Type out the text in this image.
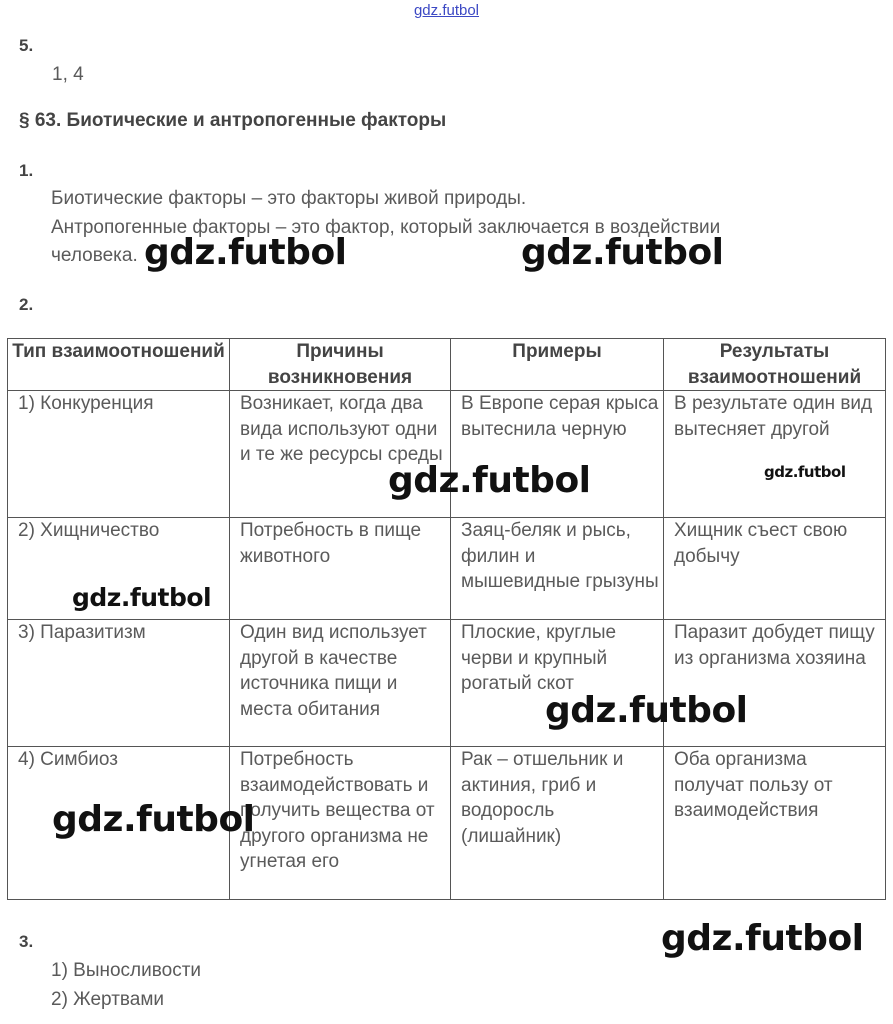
gdz.futbol
5.
1, 4
§ 63. Биотические и антропогенные факторы
1.
Биотические факторы – это факторы живой природы.
Антропогенные факторы – это фактор, который заключается в воздействии
человека.
2.
Тип взаимоотношений	Причины возникновения	Примеры	Результаты взаимоотношений
1) Конкуренция	Возникает, когда два вида используют одни и те же ресурсы среды	В Европе серая крыса вытеснила черную	В результате один вид вытесняет другой
2) Хищничество	Потребность в пище животного	Заяц-беляк и рысь, филин и мышевидные грызуны	Хищник съест свою добычу
3) Паразитизм	Один вид использует другой в качестве источника пищи и места обитания	Плоские, круглые черви и крупный рогатый скот	Паразит добудет пищу из организма хозяина
4) Симбиоз	Потребность взаимодействовать и получить вещества от другого организма не угнетая его	Рак – отшельник и актиния, гриб и водоросль (лишайник)	Оба организма получат пользу от взаимодействия
3.
1) Выносливости
2) Жертвами
gdz.futbol	gdz.futbol
gdz.futbol	gdz.futbol
gdz.futbol
gdz.futbol
gdz.futbol
gdz.futbol
